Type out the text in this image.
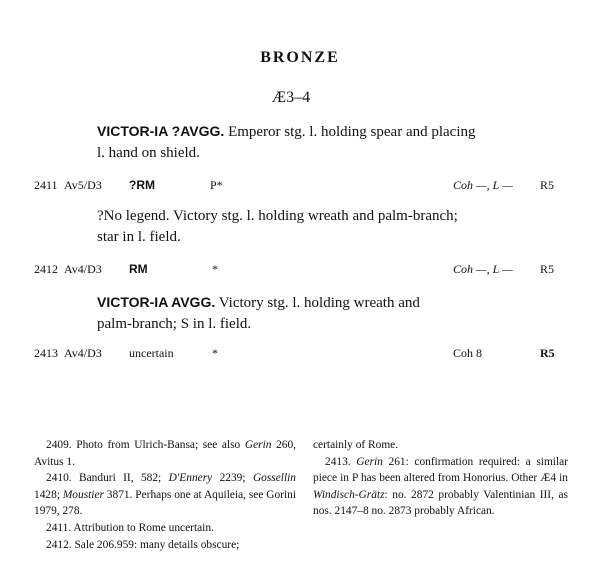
BRONZE
Æ3–4
VICTOR-IA ?AVGG. Emperor stg. l. holding spear and placing l. hand on shield.
2411 Av5/D3 ?RM	P*	Coh —, L — R5
?No legend. Victory stg. l. holding wreath and palm-branch; star in l. field.
2412 Av4/D3 RM	*	Coh —, L — R5
VICTOR-IA AVGG. Victory stg. l. holding wreath and palm-branch; S in l. field.
2413 Av4/D3 uncertain	*	Coh 8	R5

2409. Photo from Ulrich-Bansa; see also Gerin 260, Avitus 1.

2410. Banduri II, 582; D'Ennery 2239; Gossellin 1428; Moustier 3871. Perhaps one at Aquileia, see Gorini 1979, 278.

2411. Attribution to Rome uncertain.

2412. Sale 206.959: many details obscure;

certainly of Rome.

2413. Gerin 261: confirmation required: a similar piece in P has been altered from Honorius. Other Æ4 in Windisch-Grätz: no. 2872 probably Valentinian III, as nos. 2147–8 no. 2873 probably African.
